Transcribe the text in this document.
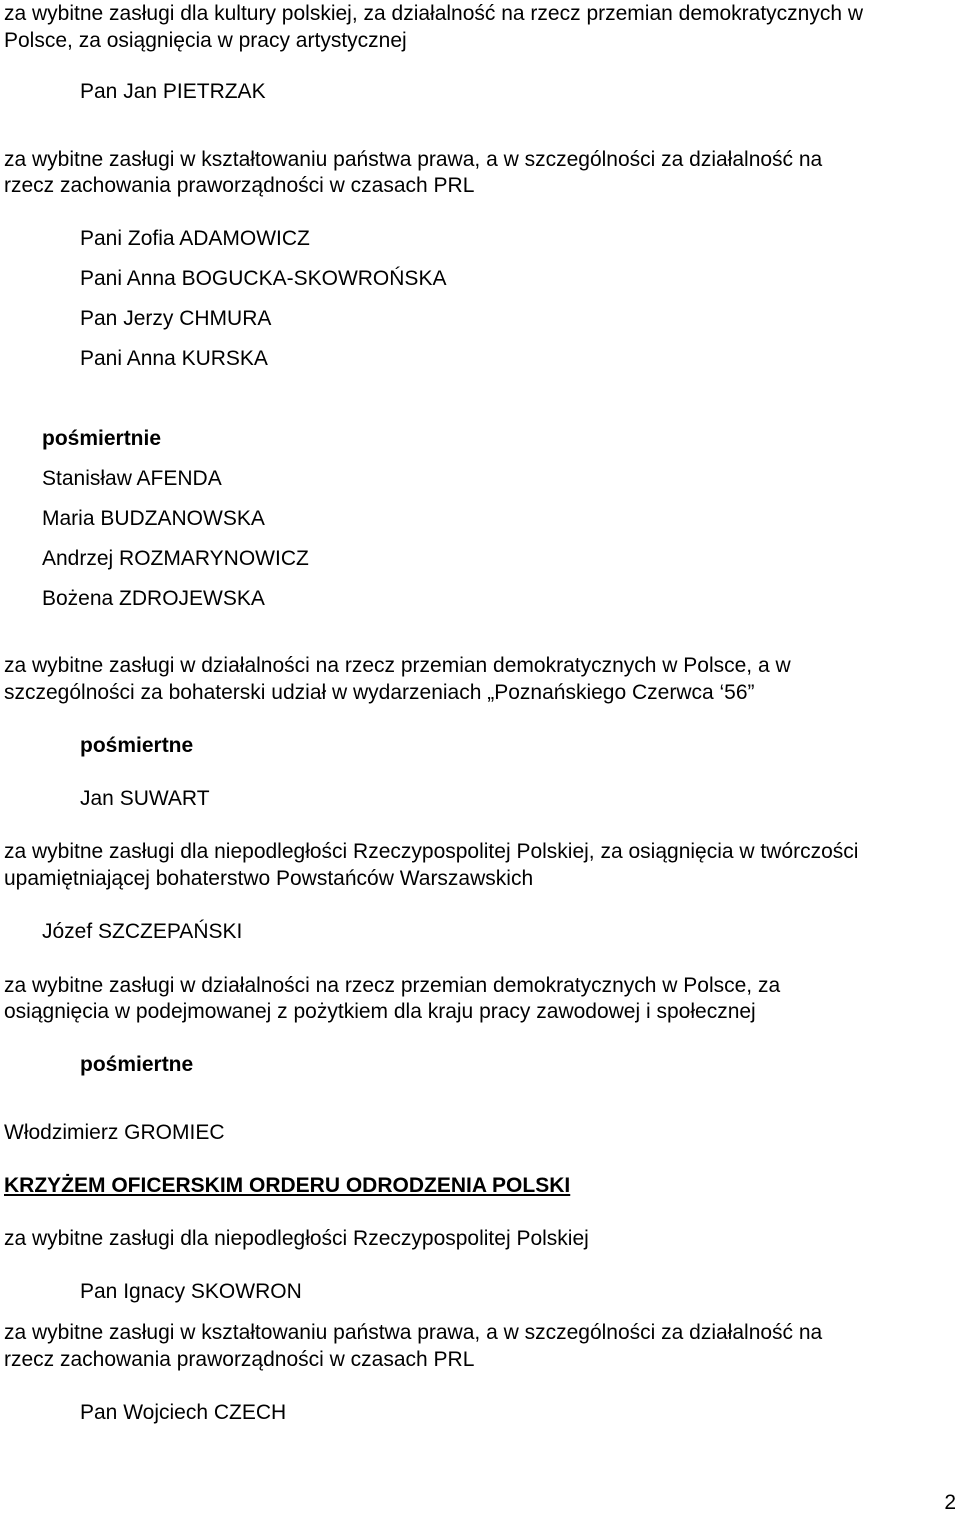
za wybitne zasługi dla kultury polskiej, za działalność na rzecz przemian demokratycznych w
Polsce, za osiągnięcia w pracy artystycznej
Pan Jan PIETRZAK
za wybitne zasługi w kształtowaniu państwa prawa, a w szczególności za działalność na
rzecz zachowania praworządności w czasach PRL
Pani Zofia ADAMOWICZ
Pani Anna BOGUCKA-SKOWROŃSKA
Pan Jerzy CHMURA
Pani Anna KURSKA
pośmiertnie
Stanisław AFENDA
Maria BUDZANOWSKA
Andrzej ROZMARYNOWICZ
Bożena ZDROJEWSKA
za wybitne zasługi w działalności na rzecz przemian demokratycznych w Polsce, a w
szczególności za bohaterski udział w wydarzeniach „Poznańskiego Czerwca ‘56”
pośmiertne
Jan SUWART
za wybitne zasługi dla niepodległości Rzeczypospolitej Polskiej, za osiągnięcia w twórczości
upamiętniającej bohaterstwo Powstańców Warszawskich
Józef SZCZEPAŃSKI
za wybitne zasługi w działalności na rzecz przemian demokratycznych w Polsce, za
osiągnięcia w podejmowanej z pożytkiem dla kraju pracy zawodowej i społecznej
pośmiertne
Włodzimierz GROMIEC
KRZYŻEM OFICERSKIM ORDERU ODRODZENIA POLSKI
za wybitne zasługi dla niepodległości Rzeczypospolitej Polskiej
Pan Ignacy SKOWRON
za wybitne zasługi w kształtowaniu państwa prawa, a w szczególności za działalność na
rzecz zachowania praworządności w czasach PRL
Pan Wojciech CZECH
2
